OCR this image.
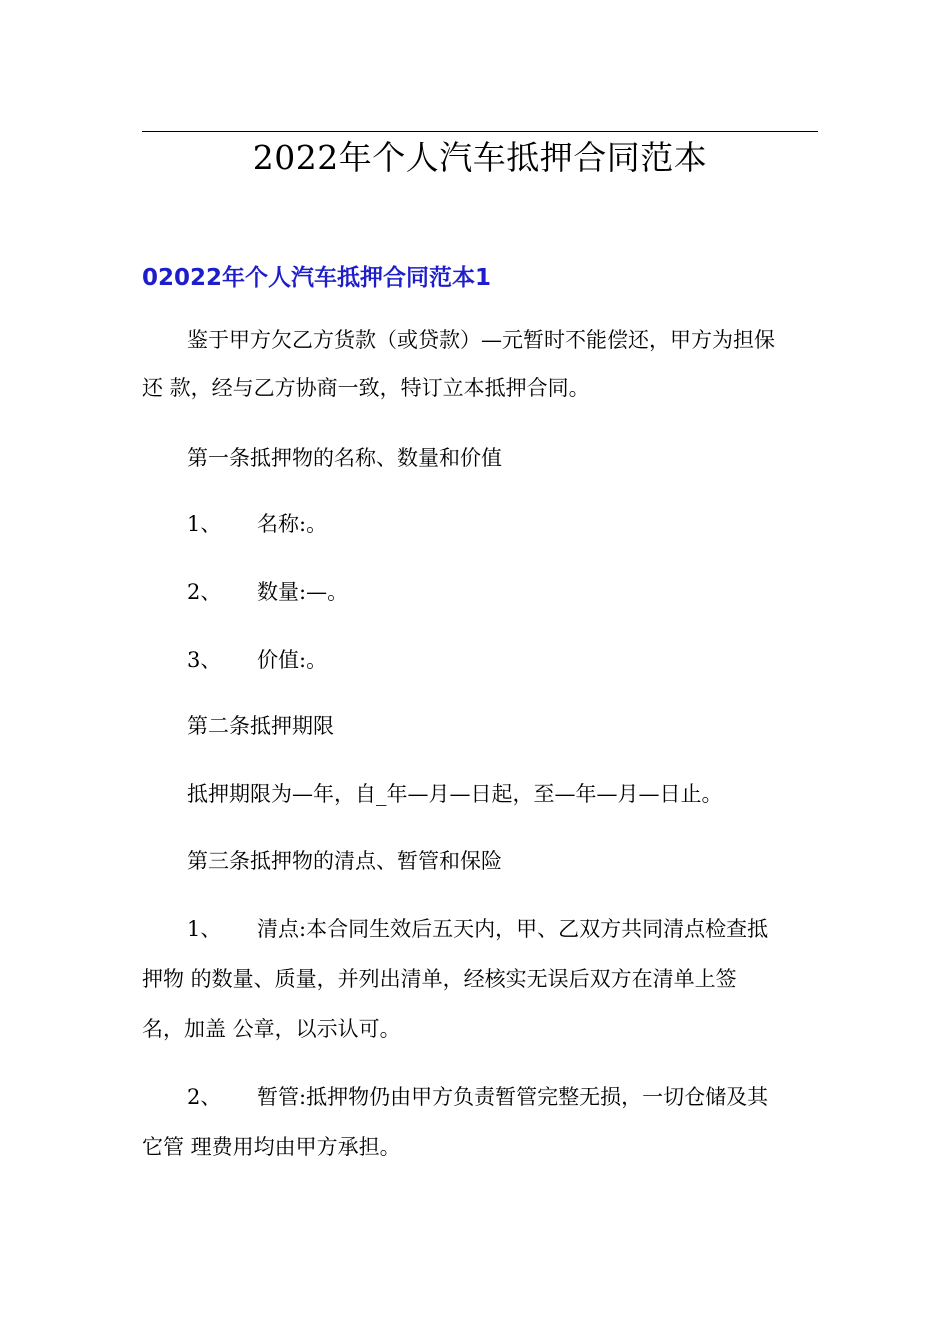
2022年个人汽车抵押合同范本
02022年个人汽车抵押合同范本1
鉴于甲方欠乙方货款（或贷款）—元暂时不能偿还，甲方为担保
还 款，经与乙方协商一致，特订立本抵押合同。
第一条抵押物的名称、数量和价值
1、 名称:。
2、 数量:—。
3、 价值:。
第二条抵押期限
抵押期限为—年，自_年—月—日起，至—年—月—日止。
第三条抵押物的清点、暂管和保险
1、 清点:本合同生效后五天内，甲、乙双方共同清点检查抵
押物 的数量、质量，并列出清单，经核实无误后双方在清单上签
名，加盖 公章，以示认可。
2、 暂管:抵押物仍由甲方负责暂管完整无损，一切仓储及其
它管 理费用均由甲方承担。
